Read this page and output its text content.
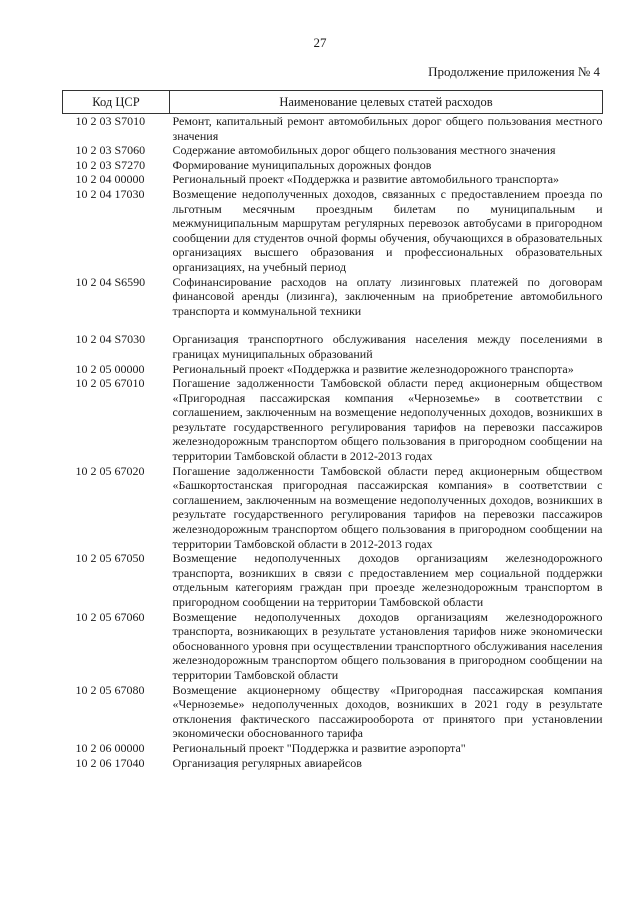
27
Продолжение приложения № 4
Код ЦСР	Наименование целевых статей расходов
10 2 03 S7010	Ремонт, капитальный ремонт автомобильных дорог общего пользования местного значения
10 2 03 S7060	Содержание автомобильных дорог общего пользования местного значения
10 2 03 S7270	Формирование муниципальных дорожных фондов
10 2 04 00000	Региональный проект «Поддержка и развитие автомобильного транспорта»
10 2 04 17030	Возмещение недополученных доходов, связанных с предоставлением проезда по льготным месячным проездным билетам по муниципальным и межмуниципальным маршрутам регулярных перевозок автобусами в пригородном сообщении для студентов очной формы обучения, обучающихся в образовательных организациях высшего образования и профессиональных образовательных организациях, на учебный период
10 2 04 S6590	Софинансирование расходов на оплату лизинговых платежей по договорам финансовой аренды (лизинга), заключенным на приобретение автомобильного транспорта и коммунальной техники

10 2 04 S7030	Организация транспортного обслуживания населения между поселениями в границах муниципальных образований
10 2 05 00000	Региональный проект «Поддержка и развитие железнодорожного транспорта»
10 2 05 67010	Погашение задолженности Тамбовской области перед акционерным обществом «Пригородная пассажирская компания «Черноземье» в соответствии с соглашением, заключенным на возмещение недополученных доходов, возникших в результате государственного регулирования тарифов на перевозки пассажиров железнодорожным транспортом общего пользования в пригородном сообщении на территории Тамбовской области в 2012-2013 годах
10 2 05 67020	Погашение задолженности Тамбовской области перед акционерным обществом «Башкортостанская пригородная пассажирская компания» в соответствии с соглашением, заключенным на возмещение недополученных доходов, возникших в результате государственного регулирования тарифов на перевозки пассажиров железнодорожным транспортом общего пользования в пригородном сообщении на территории Тамбовской области в 2012-2013 годах
10 2 05 67050	Возмещение недополученных доходов организациям железнодорожного транспорта, возникших в связи с предоставлением мер социальной поддержки отдельным категориям граждан при проезде железнодорожным транспортом в пригородном сообщении на территории Тамбовской области
10 2 05 67060	Возмещение недополученных доходов организациям железнодорожного транспорта, возникающих в результате установления тарифов ниже экономически обоснованного уровня при осуществлении транспортного обслуживания населения железнодорожным транспортом общего пользования в пригородном сообщении на территории Тамбовской области
10 2 05 67080	Возмещение акционерному обществу «Пригородная пассажирская компания «Черноземье» недополученных доходов, возникших в 2021 году в результате отклонения фактического пассажирооборота от принятого при установлении экономически обоснованного тарифа
10 2 06 00000	Региональный проект "Поддержка и развитие аэропорта"
10 2 06 17040	Организация регулярных авиарейсов
